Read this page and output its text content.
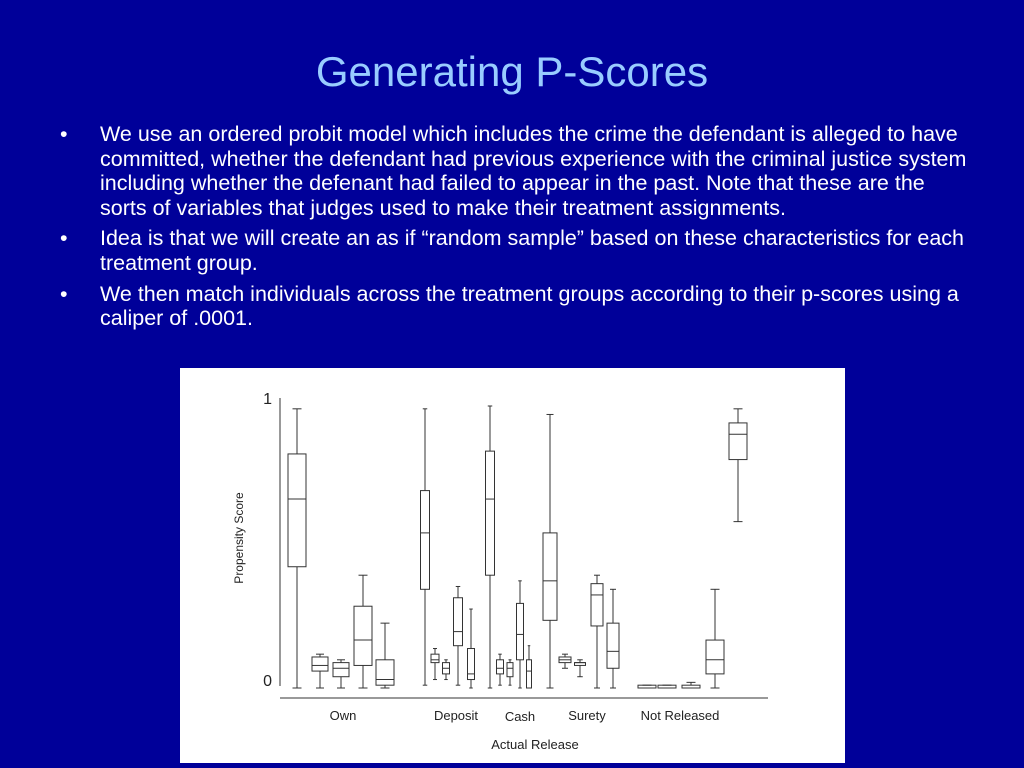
Generating P-Scores
• We use an ordered probit model which includes the crime the defendant is alleged to have committed, whether the defendant had previous experience with the criminal justice system including whether the defenant had failed to appear in the past. Note that these are the sorts of variables that judges used to make their treatment assignments.
• Idea is that we will create an as if “random sample” based on these characteristics for each treatment group.
• We then match individuals across the treatment groups according to their p-scores using a caliper of .0001.
1
0
Propensity Score
Actual Release
Own	Deposit Cash	Surety	Not Released
